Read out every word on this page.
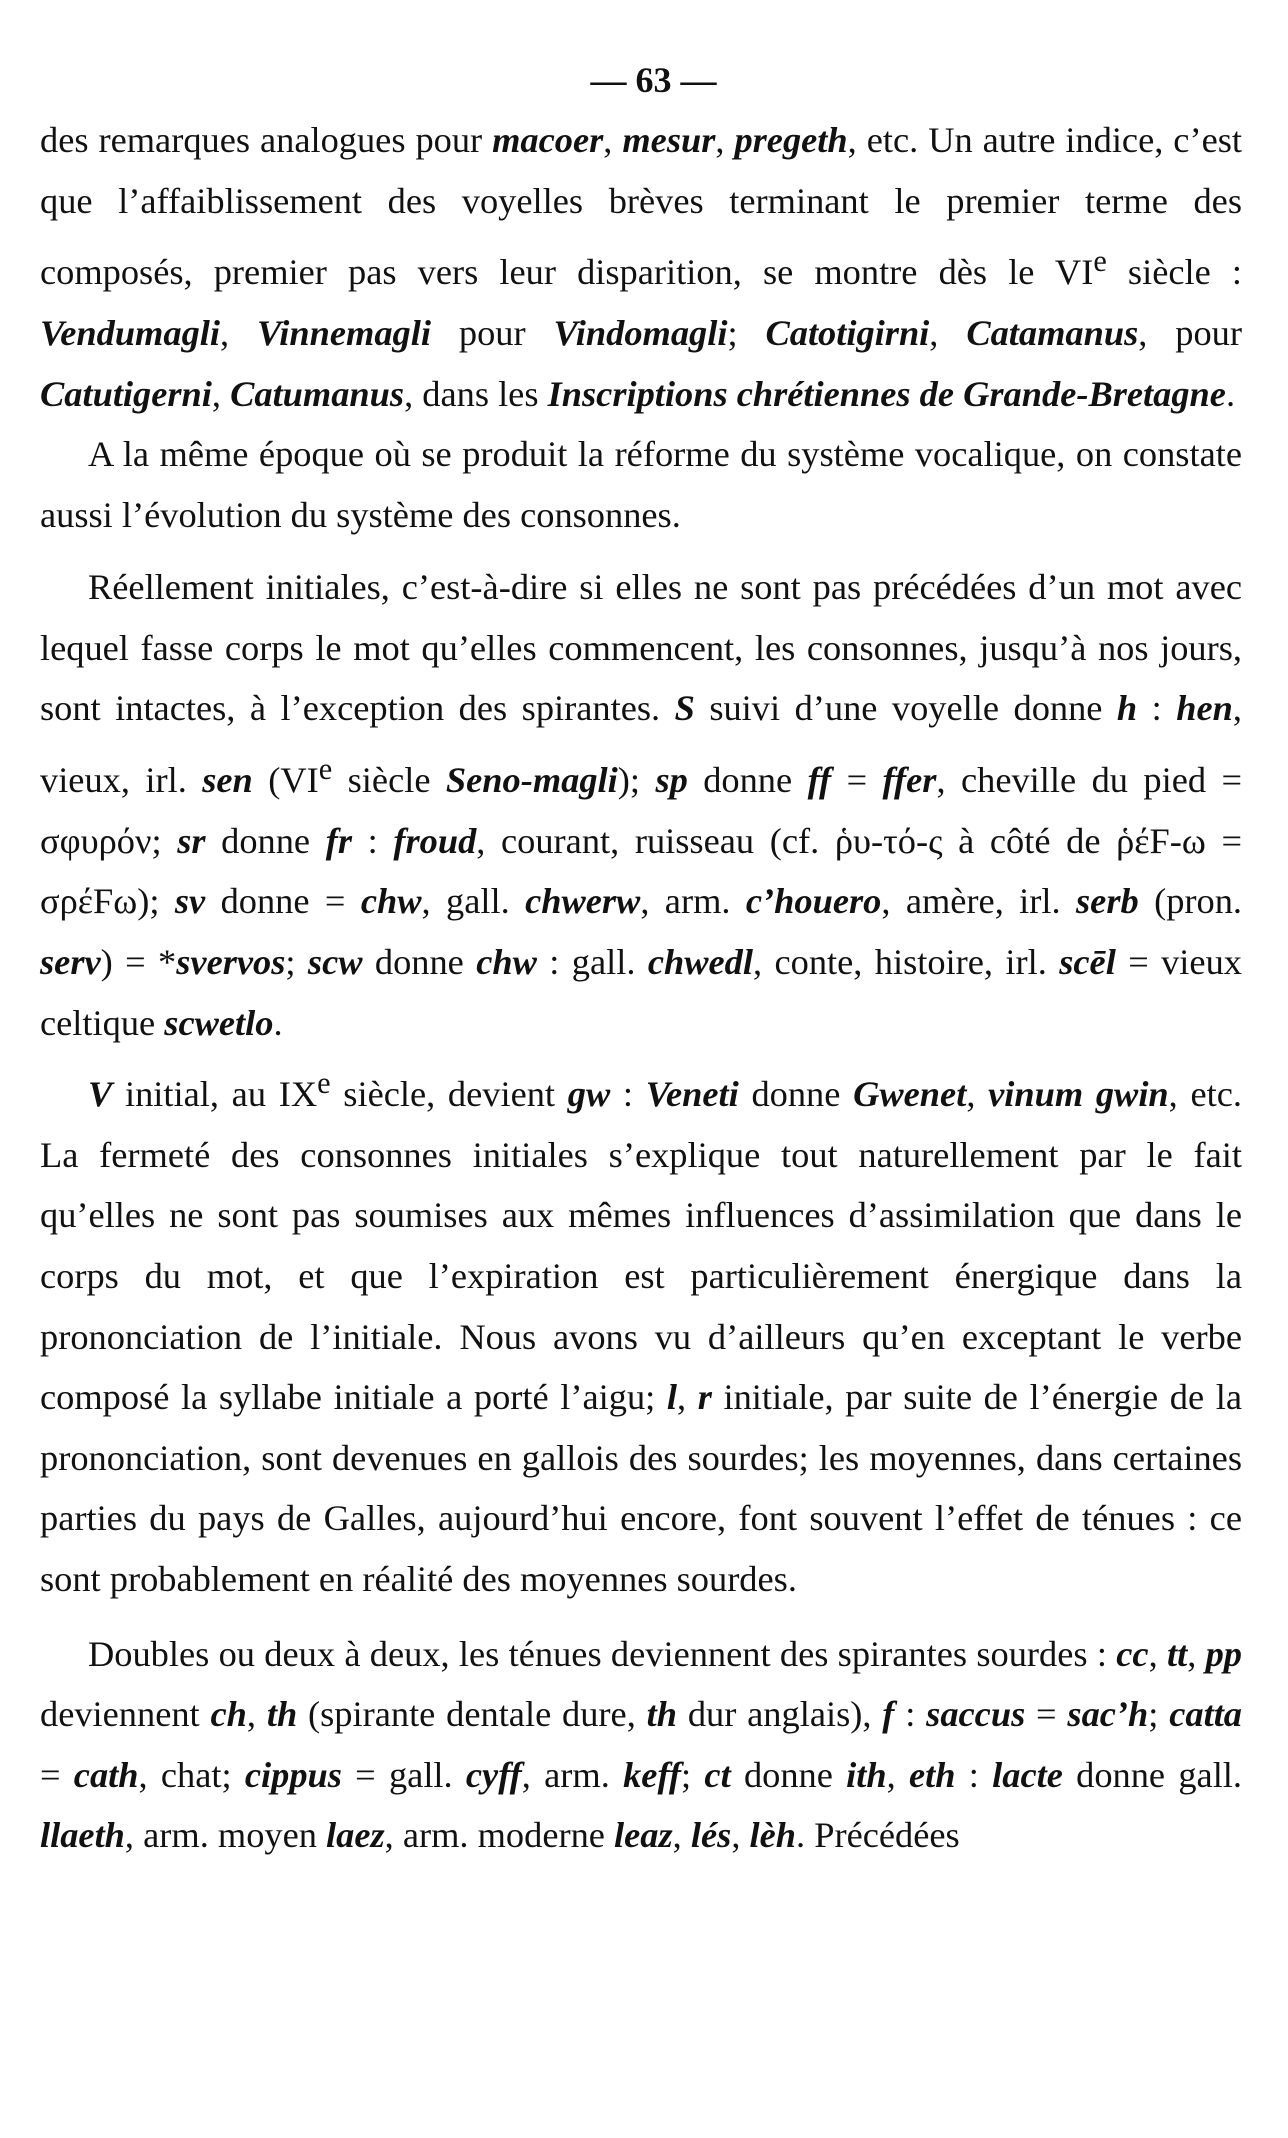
— 63 —

des remarques analogues pour macoer, mesur, pregeth, etc. Un autre indice, c’est que l’affaiblissement des voyelles brèves terminant le premier terme des composés, premier pas vers leur disparition, se montre dès le VIe siècle : Vendumagli, Vinnemagli pour Vindomagli; Catotigirni, Catamanus, pour Catutigerni, Catumanus, dans les Inscriptions chrétiennes de Grande-Bretagne.

A la même époque où se produit la réforme du système vocalique, on constate aussi l’évolution du système des consonnes.

Réellement initiales, c’est-à-dire si elles ne sont pas précédées d’un mot avec lequel fasse corps le mot qu’elles commencent, les consonnes, jusqu’à nos jours, sont intactes, à l’exception des spirantes. S suivi d’une voyelle donne h : hen, vieux, irl. sen (VIe siècle Seno-magli); sp donne ff = ffer, cheville du pied = σφυρόν; sr donne fr : froud, courant, ruisseau (cf. ῥυ-τό-ς à côté de ῥέϜ-ω = σρέϜω); sv donne = chw, gall. chwerw, arm. c’houero, amère, irl. serb (pron. serv) = *svervos; scw donne chw : gall. chwedl, conte, histoire, irl. scēl = vieux celtique scwetlo.

V initial, au IXe siècle, devient gw : Veneti donne Gwenet, vinum gwin, etc. La fermeté des consonnes initiales s’explique tout naturellement par le fait qu’elles ne sont pas soumises aux mêmes influences d’assimilation que dans le corps du mot, et que l’expiration est particulièrement énergique dans la prononciation de l’initiale. Nous avons vu d’ailleurs qu’en exceptant le verbe composé la syllabe initiale a porté l’aigu; l, r initiale, par suite de l’énergie de la prononciation, sont devenues en gallois des sourdes; les moyennes, dans certaines parties du pays de Galles, aujourd’hui encore, font souvent l’effet de ténues : ce sont probablement en réalité des moyennes sourdes.

Doubles ou deux à deux, les ténues deviennent des spirantes sourdes : cc, tt, pp deviennent ch, th (spirante dentale dure, th dur anglais), f : saccus = sac’h; catta = cath, chat; cippus = gall. cyff, arm. keff; ct donne ith, eth : lacte donne gall. llaeth, arm. moyen laez, arm. moderne leaz, lés, lèh. Précédées
